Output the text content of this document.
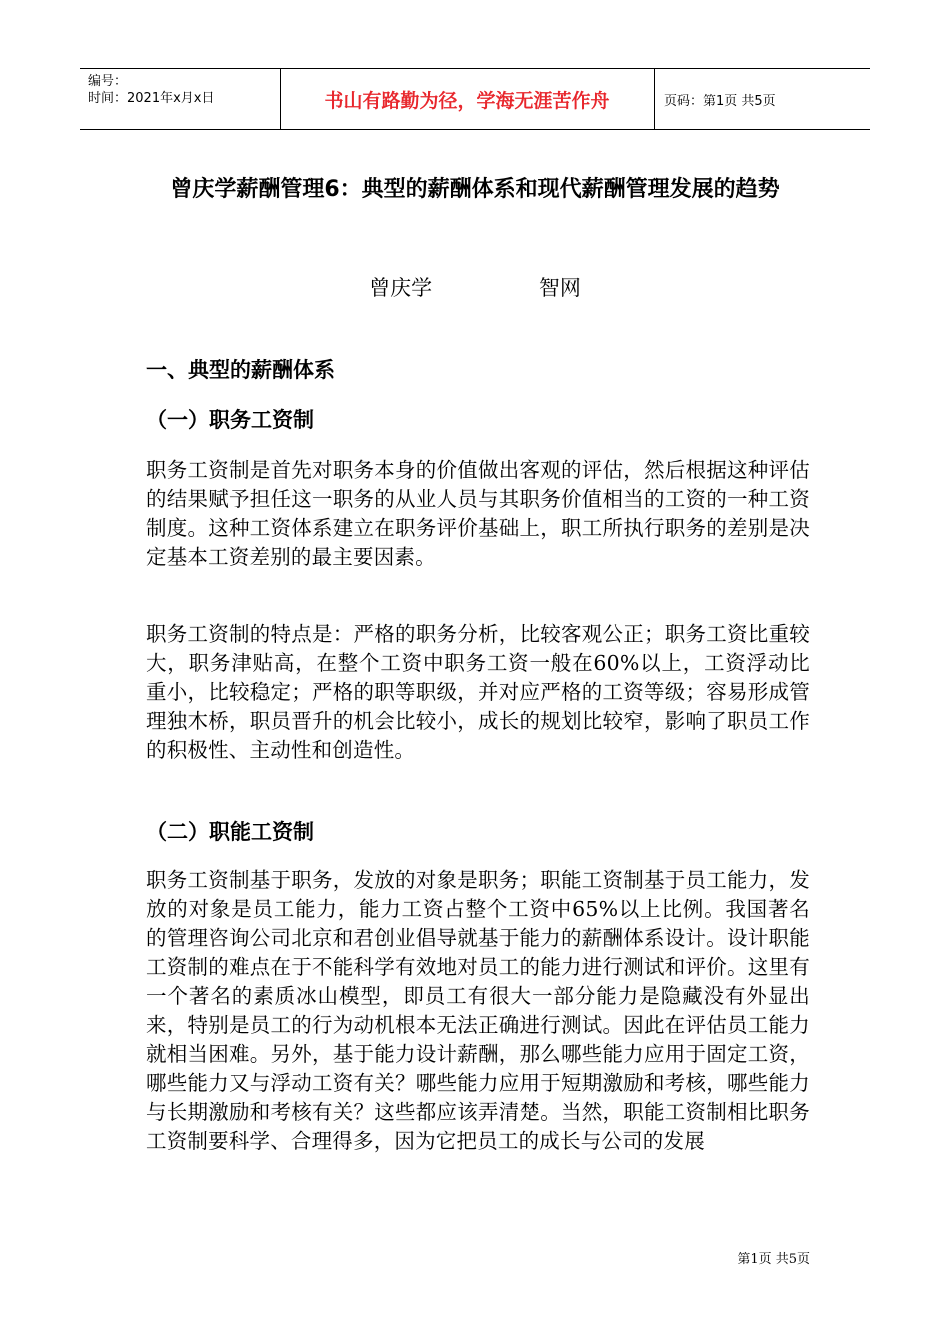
编号：
时间：2021年x月x日	书山有路勤为径，学海无涯苦作舟	页码：第1页 共5页
曾庆学薪酬管理6：典型的薪酬体系和现代薪酬管理发展的趋势
曾庆学	智网
一、典型的薪酬体系
（一）职务工资制
职务工资制是首先对职务本身的价值做出客观的评估，然后根据这种评估的结果赋予担任这一职务的从业人员与其职务价值相当的工资的一种工资制度。这种工资体系建立在职务评价基础上，职工所执行职务的差别是决定基本工资差别的最主要因素。
职务工资制的特点是：严格的职务分析，比较客观公正；职务工资比重较大，职务津贴高，在整个工资中职务工资一般在60%以上，工资浮动比重小，比较稳定；严格的职等职级，并对应严格的工资等级；容易形成管理独木桥，职员晋升的机会比较小，成长的规划比较窄，影响了职员工作的积极性、主动性和创造性。
（二）职能工资制
职务工资制基于职务，发放的对象是职务；职能工资制基于员工能力，发放的对象是员工能力，能力工资占整个工资中65%以上比例。我国著名的管理咨询公司北京和君创业倡导就基于能力的薪酬体系设计。设计职能工资制的难点在于不能科学有效地对员工的能力进行测试和评价。这里有一个著名的素质冰山模型，即员工有很大一部分能力是隐藏没有外显出来，特别是员工的行为动机根本无法正确进行测试。因此在评估员工能力就相当困难。另外，基于能力设计薪酬，那么哪些能力应用于固定工资，哪些能力又与浮动工资有关？哪些能力应用于短期激励和考核，哪些能力与长期激励和考核有关？这些都应该弄清楚。当然，职能工资制相比职务工资制要科学、合理得多，因为它把员工的成长与公司的发展
第1页 共5页
